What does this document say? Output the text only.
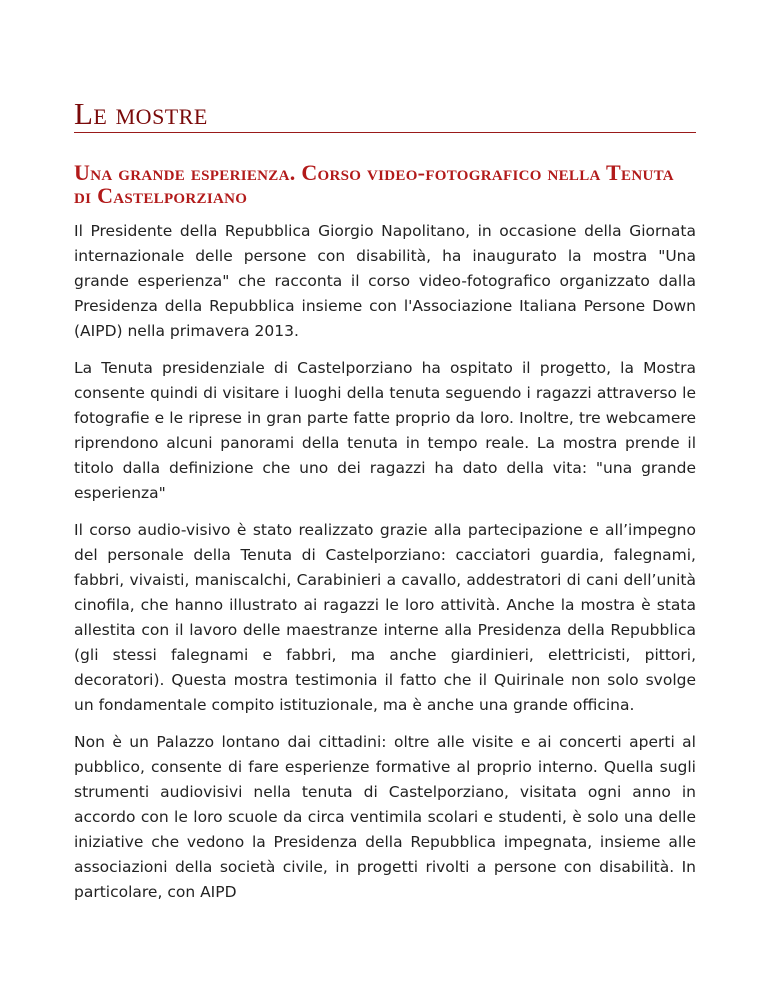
Le mostre
Una grande esperienza. Corso video-fotografico nella Tenuta di Castelporziano

Il Presidente della Repubblica Giorgio Napolitano, in occasione della Giornata internazionale delle persone con disabilità, ha inaugurato la mostra "Una grande esperienza" che racconta il corso video-fotografico organizzato dalla Presidenza della Repubblica insieme con l'Associazione Italiana Persone Down (AIPD) nella primavera 2013.

La Tenuta presidenziale di Castelporziano ha ospitato il progetto, la Mostra consente quindi di visitare i luoghi della tenuta seguendo i ragazzi attraverso le fotografie e le riprese in gran parte fatte proprio da loro. Inoltre, tre webcamere riprendono alcuni panorami della tenuta in tempo reale. La mostra prende il titolo dalla definizione che uno dei ragazzi ha dato della vita: "una grande esperienza"

Il corso audio-visivo è stato realizzato grazie alla partecipazione e all’impegno del personale della Tenuta di Castelporziano: cacciatori guardia, falegnami, fabbri, vivaisti, maniscalchi, Carabinieri a cavallo, addestratori di cani dell’unità cinofila, che hanno illustrato ai ragazzi le loro attività. Anche la mostra è stata allestita con il lavoro delle maestranze interne alla Presidenza della Repubblica (gli stessi falegnami e fabbri, ma anche giardinieri, elettricisti, pittori, decoratori). Questa mostra testimonia il fatto che il Quirinale non solo svolge un fondamentale compito istituzionale, ma è anche una grande officina.

Non è un Palazzo lontano dai cittadini: oltre alle visite e ai concerti aperti al pubblico, consente di fare esperienze formative al proprio interno. Quella sugli strumenti audiovisivi nella tenuta di Castelporziano, visitata ogni anno in accordo con le loro scuole da circa ventimila scolari e studenti, è solo una delle iniziative che vedono la Presidenza della Repubblica impegnata, insieme alle associazioni della società civile, in progetti rivolti a persone con disabilità. In particolare, con AIPD
